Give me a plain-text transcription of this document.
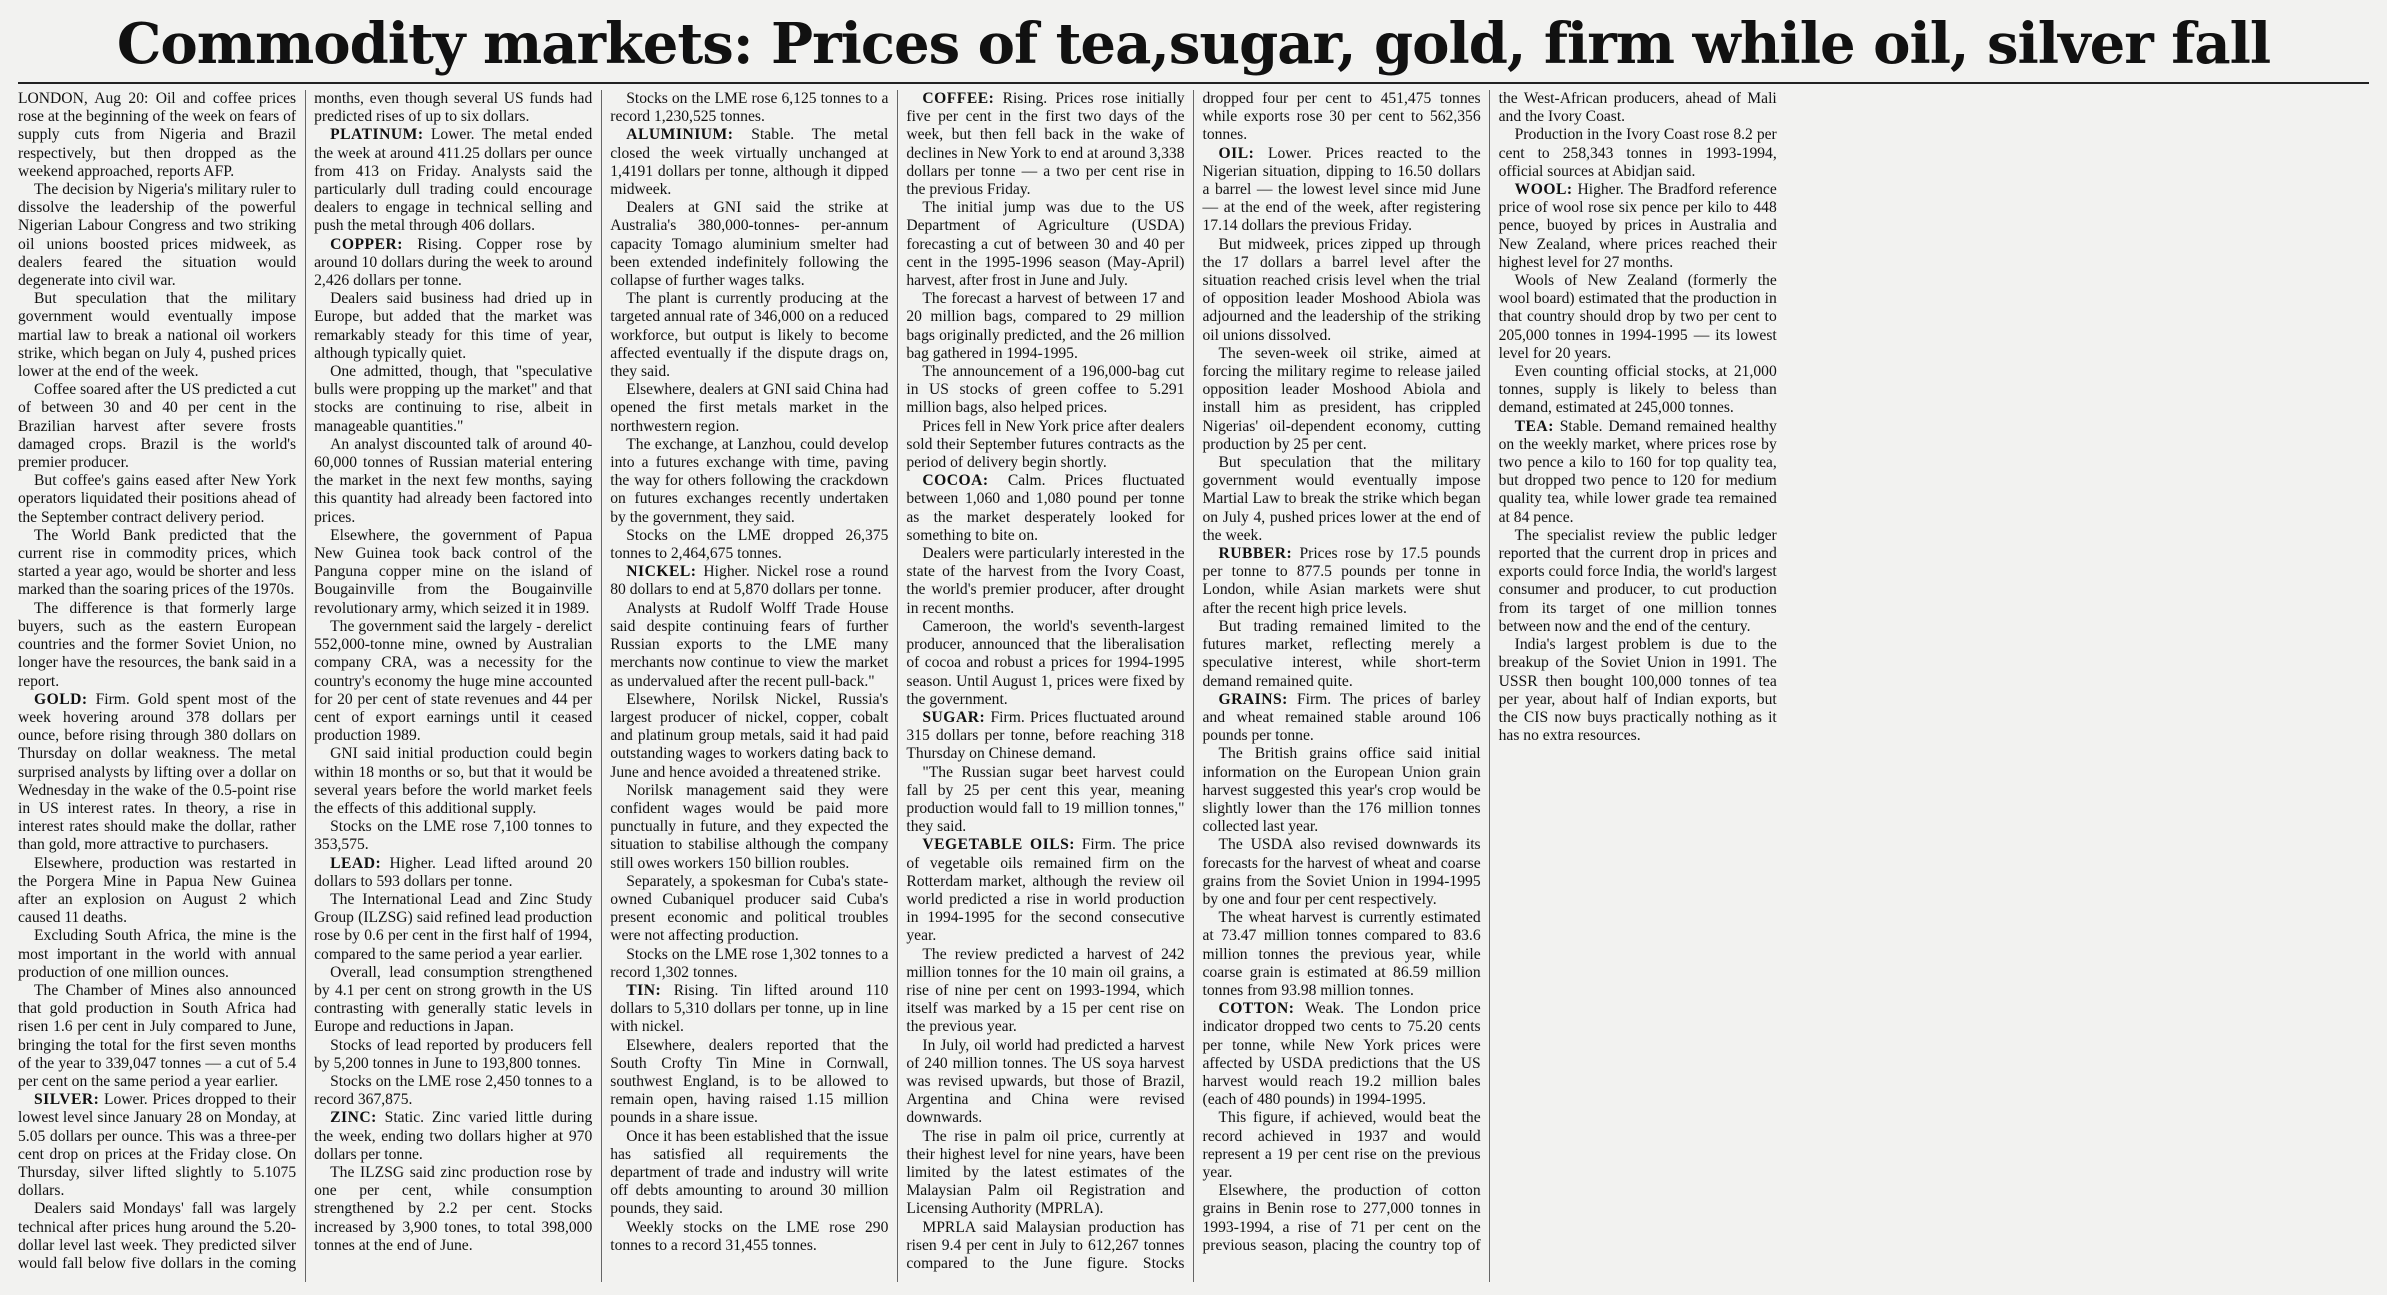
Commodity markets: Prices of tea,sugar, gold, firm while oil, silver fall

LONDON, Aug 20: Oil and coffee prices rose at the beginning of the week on fears of supply cuts from Nigeria and Brazil respectively, but then dropped as the weekend approached, reports AFP.

The decision by Nigeria's military ruler to dissolve the leadership of the powerful Nigerian Labour Congress and two striking oil unions boosted prices midweek, as dealers feared the situation would degenerate into civil war.

But speculation that the military government would eventually impose martial law to break a national oil workers strike, which began on July 4, pushed prices lower at the end of the week.

Coffee soared after the US predicted a cut of between 30 and 40 per cent in the Brazilian harvest after severe frosts damaged crops. Brazil is the world's premier producer.

But coffee's gains eased after New York operators liquidated their positions ahead of the September contract delivery period.

The World Bank predicted that the current rise in commodity prices, which started a year ago, would be shorter and less marked than the soaring prices of the 1970s.

The difference is that formerly large buyers, such as the eastern European countries and the former Soviet Union, no longer have the resources, the bank said in a report.

GOLD: Firm. Gold spent most of the week hovering around 378 dollars per ounce, before rising through 380 dollars on Thursday on dollar weakness. The metal surprised analysts by lifting over a dollar on Wednesday in the wake of the 0.5-point rise in US interest rates. In theory, a rise in interest rates should make the dollar, rather than gold, more attractive to purchasers.

Elsewhere, production was restarted in the Porgera Mine in Papua New Guinea after an explosion on August 2 which caused 11 deaths.

Excluding South Africa, the mine is the most important in the world with annual production of one million ounces.

The Chamber of Mines also announced that gold production in South Africa had risen 1.6 per cent in July compared to June, bringing the total for the first seven months of the year to 339,047 tonnes — a cut of 5.4 per cent on the same period a year earlier.

SILVER: Lower. Prices dropped to their lowest level since January 28 on Monday, at 5.05 dollars per ounce. This was a three-per cent drop on prices at the Friday close. On Thursday, silver lifted slightly to 5.1075 dollars.

Dealers said Mondays' fall was largely technical after prices hung around the 5.20-dollar level last week. They predicted silver would fall below five dollars in the coming months, even though several US funds had predicted rises of up to six dollars.

PLATINUM: Lower. The metal ended the week at around 411.25 dollars per ounce from 413 on Friday. Analysts said the particularly dull trading could encourage dealers to engage in technical selling and push the metal through 406 dollars.

COPPER: Rising. Copper rose by around 10 dollars during the week to around 2,426 dollars per tonne.

Dealers said business had dried up in Europe, but added that the market was remarkably steady for this time of year, although typically quiet.

One admitted, though, that "speculative bulls were propping up the market" and that stocks are continuing to rise, albeit in manageable quantities."

An analyst discounted talk of around 40-60,000 tonnes of Russian material entering the market in the next few months, saying this quantity had already been factored into prices.

Elsewhere, the government of Papua New Guinea took back control of the Panguna copper mine on the island of Bougainville from the Bougainville revolutionary army, which seized it in 1989.

The government said the largely - derelict 552,000-tonne mine, owned by Australian company CRA, was a necessity for the country's economy the huge mine accounted for 20 per cent of state revenues and 44 per cent of export earnings until it ceased production 1989.

GNI said initial production could begin within 18 months or so, but that it would be several years before the world market feels the effects of this additional supply.

Stocks on the LME rose 7,100 tonnes to 353,575.

LEAD: Higher. Lead lifted around 20 dollars to 593 dollars per tonne.

The International Lead and Zinc Study Group (ILZSG) said refined lead production rose by 0.6 per cent in the first half of 1994, compared to the same period a year earlier.

Overall, lead consumption strengthened by 4.1 per cent on strong growth in the US contrasting with generally static levels in Europe and reductions in Japan.

Stocks of lead reported by producers fell by 5,200 tonnes in June to 193,800 tonnes.

Stocks on the LME rose 2,450 tonnes to a record 367,875.

ZINC: Static. Zinc varied little during the week, ending two dollars higher at 970 dollars per tonne.

The ILZSG said zinc production rose by one per cent, while consumption strengthened by 2.2 per cent. Stocks increased by 3,900 tones, to total 398,000 tonnes at the end of June.

Stocks on the LME rose 6,125 tonnes to a record 1,230,525 tonnes.

ALUMINIUM: Stable. The metal closed the week virtually unchanged at 1,4191 dollars per tonne, although it dipped midweek.

Dealers at GNI said the strike at Australia's 380,000-tonnes- per-annum capacity Tomago aluminium smelter had been extended indefinitely following the collapse of further wages talks.

The plant is currently producing at the targeted annual rate of 346,000 on a reduced workforce, but output is likely to become affected eventually if the dispute drags on, they said.

Elsewhere, dealers at GNI said China had opened the first metals market in the northwestern region.

The exchange, at Lanzhou, could develop into a futures exchange with time, paving the way for others following the crackdown on futures exchanges recently undertaken by the government, they said.

Stocks on the LME dropped 26,375 tonnes to 2,464,675 tonnes.

NICKEL: Higher. Nickel rose a round 80 dollars to end at 5,870 dollars per tonne.

Analysts at Rudolf Wolff Trade House said despite continuing fears of further Russian exports to the LME many merchants now continue to view the market as undervalued after the recent pull-back."

Elsewhere, Norilsk Nickel, Russia's largest producer of nickel, copper, cobalt and platinum group metals, said it had paid outstanding wages to workers dating back to June and hence avoided a threatened strike.

Norilsk management said they were confident wages would be paid more punctually in future, and they expected the situation to stabilise although the company still owes workers 150 billion roubles.

Separately, a spokesman for Cuba's state-owned Cubaniquel producer said Cuba's present economic and political troubles were not affecting production.

Stocks on the LME rose 1,302 tonnes to a record 1,302 tonnes.

TIN: Rising. Tin lifted around 110 dollars to 5,310 dollars per tonne, up in line with nickel.

Elsewhere, dealers reported that the South Crofty Tin Mine in Cornwall, southwest England, is to be allowed to remain open, having raised 1.15 million pounds in a share issue.

Once it has been established that the issue has satisfied all requirements the department of trade and industry will write off debts amounting to around 30 million pounds, they said.

Weekly stocks on the LME rose 290 tonnes to a record 31,455 tonnes.

COFFEE: Rising. Prices rose initially five per cent in the first two days of the week, but then fell back in the wake of declines in New York to end at around 3,338 dollars per tonne — a two per cent rise in the previous Friday.

The initial jump was due to the US Department of Agriculture (USDA) forecasting a cut of between 30 and 40 per cent in the 1995-1996 season (May-April) harvest, after frost in June and July.

The forecast a harvest of between 17 and 20 million bags, compared to 29 million bags originally predicted, and the 26 million bag gathered in 1994-1995.

The announcement of a 196,000-bag cut in US stocks of green coffee to 5.291 million bags, also helped prices.

Prices fell in New York price after dealers sold their September futures contracts as the period of delivery begin shortly.

COCOA: Calm. Prices fluctuated between 1,060 and 1,080 pound per tonne as the market desperately looked for something to bite on.

Dealers were particularly interested in the state of the harvest from the Ivory Coast, the world's premier producer, after drought in recent months.

Cameroon, the world's seventh-largest producer, announced that the liberalisation of cocoa and robust a prices for 1994-1995 season. Until August 1, prices were fixed by the government.

SUGAR: Firm. Prices fluctuated around 315 dollars per tonne, before reaching 318 Thursday on Chinese demand.

"The Russian sugar beet harvest could fall by 25 per cent this year, meaning production would fall to 19 million tonnes," they said.

VEGETABLE OILS: Firm. The price of vegetable oils remained firm on the Rotterdam market, although the review oil world predicted a rise in world production in 1994-1995 for the second consecutive year.

The review predicted a harvest of 242 million tonnes for the 10 main oil grains, a rise of nine per cent on 1993-1994, which itself was marked by a 15 per cent rise on the previous year.

In July, oil world had predicted a harvest of 240 million tonnes. The US soya harvest was revised upwards, but those of Brazil, Argentina and China were revised downwards.

The rise in palm oil price, currently at their highest level for nine years, have been limited by the latest estimates of the Malaysian Palm oil Registration and Licensing Authority (MPRLA).

MPRLA said Malaysian production has risen 9.4 per cent in July to 612,267 tonnes compared to the June figure. Stocks dropped four per cent to 451,475 tonnes while exports rose 30 per cent to 562,356 tonnes.

OIL: Lower. Prices reacted to the Nigerian situation, dipping to 16.50 dollars a barrel — the lowest level since mid June — at the end of the week, after registering 17.14 dollars the previous Friday.

But midweek, prices zipped up through the 17 dollars a barrel level after the situation reached crisis level when the trial of opposition leader Moshood Abiola was adjourned and the leadership of the striking oil unions dissolved.

The seven-week oil strike, aimed at forcing the military regime to release jailed opposition leader Moshood Abiola and install him as president, has crippled Nigerias' oil-dependent economy, cutting production by 25 per cent.

But speculation that the military government would eventually impose Martial Law to break the strike which began on July 4, pushed prices lower at the end of the week.

RUBBER: Prices rose by 17.5 pounds per tonne to 877.5 pounds per tonne in London, while Asian markets were shut after the recent high price levels.

But trading remained limited to the futures market, reflecting merely a speculative interest, while short-term demand remained quite.

GRAINS: Firm. The prices of barley and wheat remained stable around 106 pounds per tonne.

The British grains office said initial information on the European Union grain harvest suggested this year's crop would be slightly lower than the 176 million tonnes collected last year.

The USDA also revised downwards its forecasts for the harvest of wheat and coarse grains from the Soviet Union in 1994-1995 by one and four per cent respectively.

The wheat harvest is currently estimated at 73.47 million tonnes compared to 83.6 million tonnes the previous year, while coarse grain is estimated at 86.59 million tonnes from 93.98 million tonnes.

COTTON: Weak. The London price indicator dropped two cents to 75.20 cents per tonne, while New York prices were affected by USDA predictions that the US harvest would reach 19.2 million bales (each of 480 pounds) in 1994-1995.

This figure, if achieved, would beat the record achieved in 1937 and would represent a 19 per cent rise on the previous year.

Elsewhere, the production of cotton grains in Benin rose to 277,000 tonnes in 1993-1994, a rise of 71 per cent on the previous season, placing the country top of the West-African producers, ahead of Mali and the Ivory Coast.

Production in the Ivory Coast rose 8.2 per cent to 258,343 tonnes in 1993-1994, official sources at Abidjan said.

WOOL: Higher. The Bradford reference price of wool rose six pence per kilo to 448 pence, buoyed by prices in Australia and New Zealand, where prices reached their highest level for 27 months.

Wools of New Zealand (formerly the wool board) estimated that the production in that country should drop by two per cent to 205,000 tonnes in 1994-1995 — its lowest level for 20 years.

Even counting official stocks, at 21,000 tonnes, supply is likely to beless than demand, estimated at 245,000 tonnes.

TEA: Stable. Demand remained healthy on the weekly market, where prices rose by two pence a kilo to 160 for top quality tea, but dropped two pence to 120 for medium quality tea, while lower grade tea remained at 84 pence.

The specialist review the public ledger reported that the current drop in prices and exports could force India, the world's largest consumer and producer, to cut production from its target of one million tonnes between now and the end of the century.

India's largest problem is due to the breakup of the Soviet Union in 1991. The USSR then bought 100,000 tonnes of tea per year, about half of Indian exports, but the CIS now buys practically nothing as it has no extra resources.
